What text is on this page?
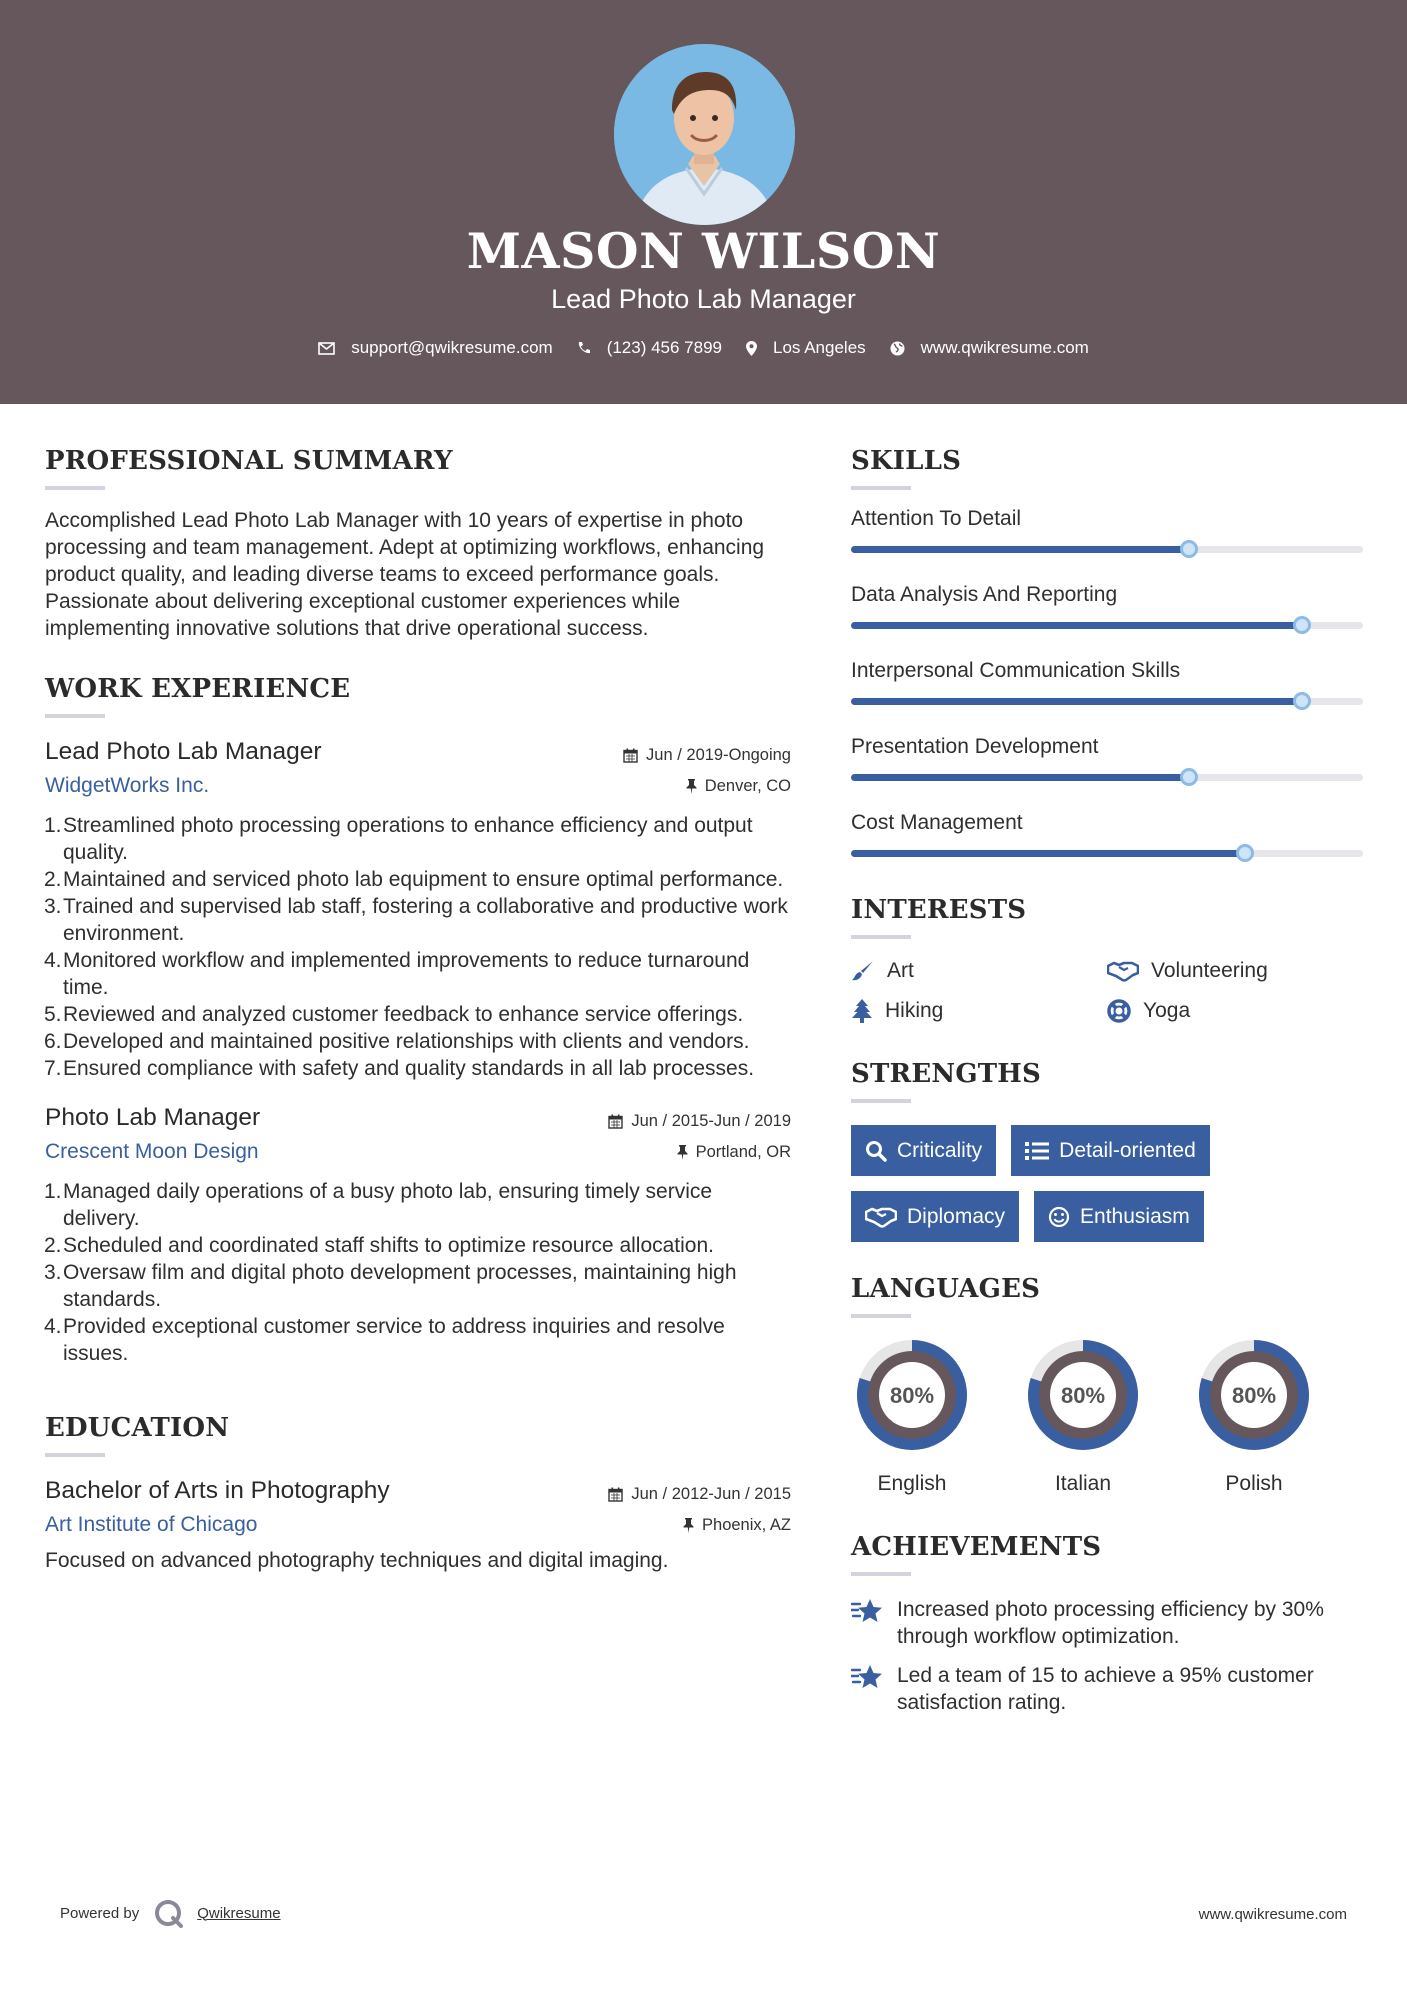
MASON WILSON
Lead Photo Lab Manager
support@qwikresume.com	(123) 456 7899	Los Angeles	www.qwikresume.com
PROFESSIONAL SUMMARY

Accomplished Lead Photo Lab Manager with 10 years of expertise in photo processing and team management. Adept at optimizing workflows, enhancing product quality, and leading diverse teams to exceed performance goals. Passionate about delivering exceptional customer experiences while implementing innovative solutions that drive operational success.

WORK EXPERIENCE
Lead Photo Lab Manager	Jun / 2019-Ongoing
WidgetWorks Inc.	Denver, CO
1. Streamlined photo processing operations to enhance efficiency and output quality.
2. Maintained and serviced photo lab equipment to ensure optimal performance.
3. Trained and supervised lab staff, fostering a collaborative and productive work environment.
4. Monitored workflow and implemented improvements to reduce turnaround time.
5. Reviewed and analyzed customer feedback to enhance service offerings.
6. Developed and maintained positive relationships with clients and vendors.
7. Ensured compliance with safety and quality standards in all lab processes.
Photo Lab Manager	Jun / 2015-Jun / 2019
Crescent Moon Design	Portland, OR
1. Managed daily operations of a busy photo lab, ensuring timely service delivery.
2. Scheduled and coordinated staff shifts to optimize resource allocation.
3. Oversaw film and digital photo development processes, maintaining high standards.
4. Provided exceptional customer service to address inquiries and resolve issues.
EDUCATION
Bachelor of Arts in Photography	Jun / 2012-Jun / 2015
Art Institute of Chicago	Phoenix, AZ

Focused on advanced photography techniques and digital imaging.

SKILLS
Attention To Detail
Data Analysis And Reporting
Interpersonal Communication Skills
Presentation Development
Cost Management
INTERESTS
Art	Volunteering
Hiking	Yoga
STRENGTHS
Criticality	Detail-oriented
Diplomacy	Enthusiasm
LANGUAGES
80%
English
80%
Italian
80%
Polish
ACHIEVEMENTS
Increased photo processing efficiency by 30% through workflow optimization.
Led a team of 15 to achieve a 95% customer satisfaction rating.
Powered by	Qwikresume	www.qwikresume.com
